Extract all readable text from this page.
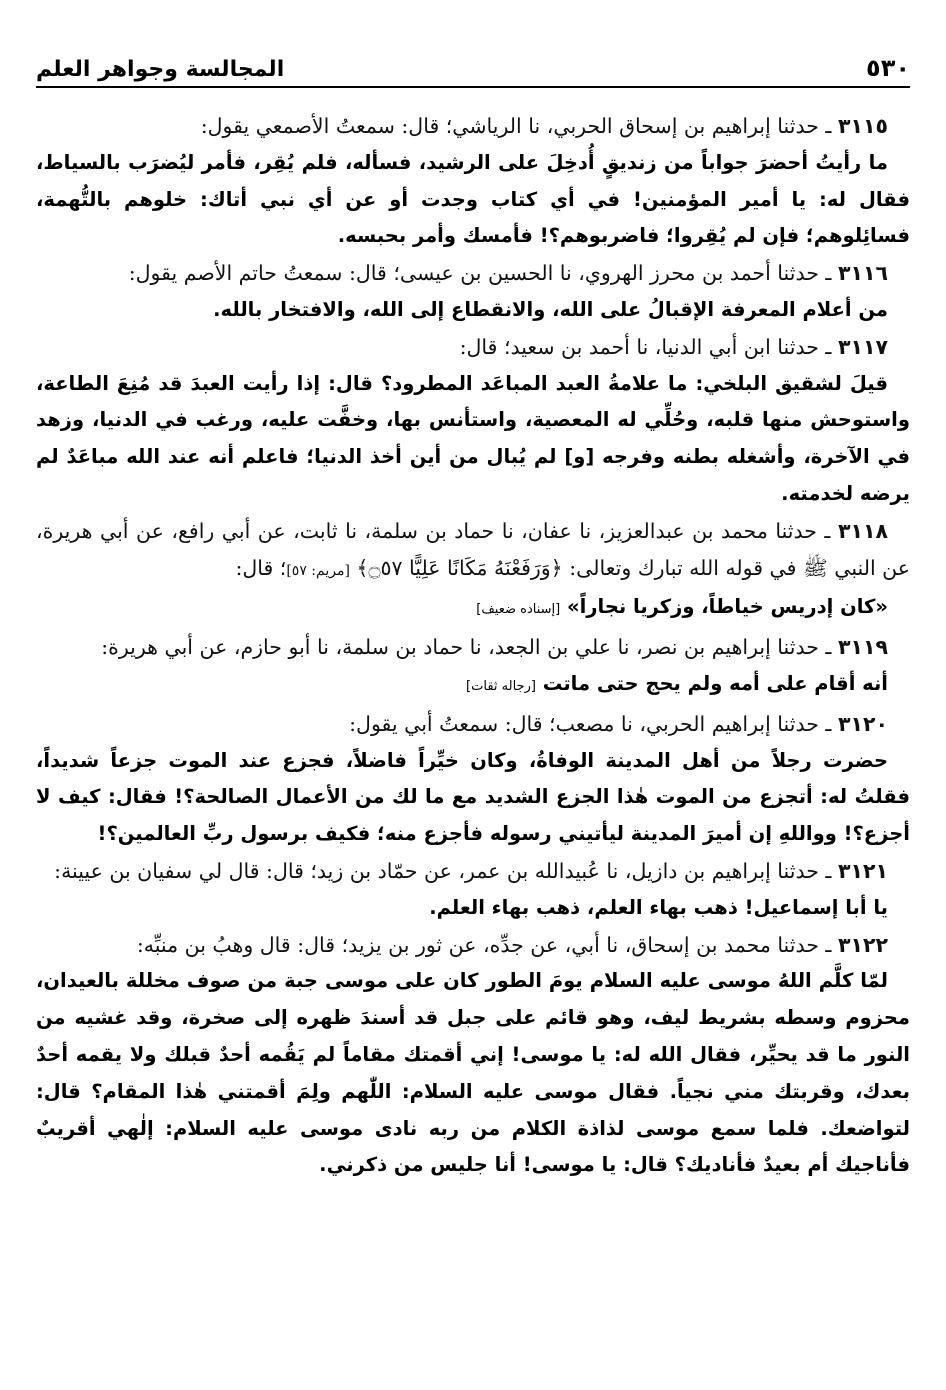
٥٣٠
المجالسة وجواهر العلم

٣١١٥ ـ حدثنا إبراهيم بن إسحاق الحربي، نا الرياشي؛ قال: سمعتُ الأصمعي يقول:

ما رأيتُ أحضرَ جواباً من زنديقٍ أُدخِلَ على الرشيد، فسأله، فلم يُقِر، فأمر ليُضرَب بالسياط، فقال له: يا أمير المؤمنين! في أي كتاب وجدت أو عن أي نبي أتاك: خلوهم بالتُّهمة، فسائِلوهم؛ فإن لم يُقِروا؛ فاضربوهم؟! فأمسك وأمر بحبسه.

٣١١٦ ـ حدثنا أحمد بن محرز الهروي، نا الحسين بن عيسى؛ قال: سمعتُ حاتم الأصم يقول:

من أعلام المعرفة الإقبالُ على الله، والانقطاع إلى الله، والافتخار بالله.

٣١١٧ ـ حدثنا ابن أبي الدنيا، نا أحمد بن سعيد؛ قال:

قيلَ لشقيق البلخي: ما علامةُ العبد المباعَد المطرود؟ قال: إذا رأيت العبدَ قد مُنِعَ الطاعة، واستوحش منها قلبه، وحُلِّي له المعصية، واستأنس بها، وخفَّت عليه، ورغب في الدنيا، وزهد في الآخرة، وأشغله بطنه وفرجه [و] لم يُبال من أين أخذ الدنيا؛ فاعلم أنه عند الله مباعَدٌ لم يرضه لخدمته.

٣١١٨ ـ حدثنا محمد بن عبدالعزيز، نا عفان، نا حماد بن سلمة، نا ثابت، عن أبي رافع، عن أبي هريرة، عن النبي ﷺ في قوله الله تبارك وتعالى: ﴿وَرَفَعْنَهُ مَكَانًا عَلِيًّا ۝٥٧﴾ [مريم: ٥٧]؛ قال:

«كان إدريس خياطاً، وزكريا نجاراً» [إسناده ضعيف]

٣١١٩ ـ حدثنا إبراهيم بن نصر، نا علي بن الجعد، نا حماد بن سلمة، نا أبو حازم، عن أبي هريرة:

أنه أقام على أمه ولم يحج حتى ماتت [رجاله ثقات]

٣١٢٠ ـ حدثنا إبراهيم الحربي، نا مصعب؛ قال: سمعتُ أبي يقول:

حضرت رجلاً من أهل المدينة الوفاةُ، وكان خيِّراً فاضلاً، فجزع عند الموت جزعاً شديداً، فقلتُ له: أتجزع من الموت هٰذا الجزع الشديد مع ما لك من الأعمال الصالحة؟! فقال: كيف لا أجزع؟! وواللهِ إن أميرَ المدينة ليأتيني رسوله فأجزع منه؛ فكيف برسول ربِّ العالمين؟!

٣١٢١ ـ حدثنا إبراهيم بن دازيل، نا عُبيدالله بن عمر، عن حمّاد بن زيد؛ قال: قال لي سفيان بن عيينة:

يا أبا إسماعيل! ذهب بهاء العلم، ذهب بهاء العلم.

٣١٢٢ ـ حدثنا محمد بن إسحاق، نا أبي، عن جدِّه، عن ثور بن يزيد؛ قال: قال وهبُ بن منبِّه:

لمّا كلَّم اللهُ موسى عليه السلام يومَ الطور كان على موسى جبة من صوف مخللة بالعيدان، محزوم وسطه بشريط ليف، وهو قائم على جبل قد أسندَ ظهره إلى صخرة، وقد غشيه من النور ما قد يحيِّر، فقال الله له: يا موسى! إني أقمتك مقاماً لم يَقُمه أحدٌ قبلك ولا يقمه أحدٌ بعدك، وقربتك مني نجياً. فقال موسى عليه السلام: اللّٰهم ولِمَ أقمتني هٰذا المقام؟ قال: لتواضعك. فلما سمع موسى لذاذة الكلام من ربه نادى موسى عليه السلام: إلٰهي أقريبٌ فأناجيك أم بعيدٌ فأناديك؟ قال: يا موسى! أنا جليس من ذكرني.
